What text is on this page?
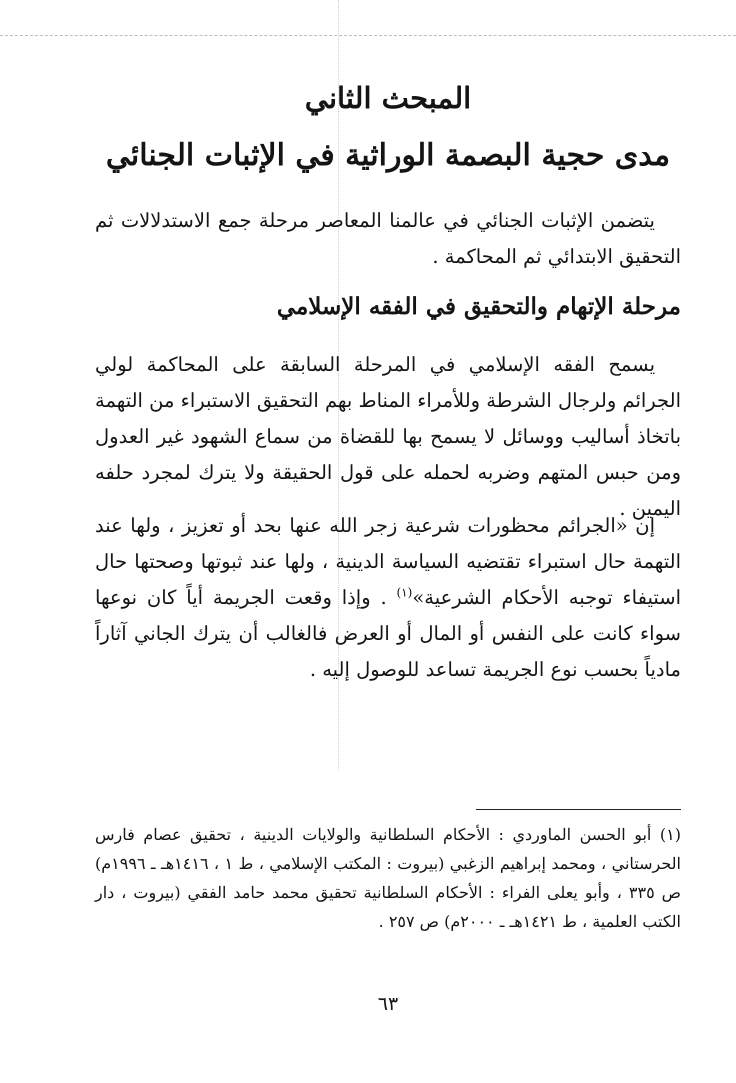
المبحث الثاني
مدى حجية البصمة الوراثية في الإثبات الجنائي

يتضمن الإثبات الجنائي في عالمنا المعاصر مرحلة جمع الاستدلالات ثم التحقيق الابتدائي ثم المحاكمة .

مرحلة الإتهام والتحقيق في الفقه الإسلامي

يسمح الفقه الإسلامي في المرحلة السابقة على المحاكمة لولي الجرائم ولرجال الشرطة وللأمراء المناط بهم التحقيق الاستبراء من التهمة باتخاذ أساليب ووسائل لا يسمح بها للقضاة من سماع الشهود غير العدول ومن حبس المتهم وضربه لحمله على قول الحقيقة ولا يترك لمجرد حلفه اليمين .

إن «الجرائم محظورات شرعية زجر الله عنها بحد أو تعزيز ، ولها عند التهمة حال استبراء تقتضيه السياسة الدينية ، ولها عند ثبوتها وصحتها حال استيفاء توجبه الأحكام الشرعية»$^{(١)}$ . وإذا وقعت الجريمة أياً كان نوعها سواء كانت على النفس أو المال أو العرض فالغالب أن يترك الجاني آثاراً مادياً بحسب نوع الجريمة تساعد للوصول إليه .

(١) أبو الحسن الماوردي : الأحكام السلطانية والولايات الدينية ، تحقيق عصام فارس الحرستاني ، ومحمد إبراهيم الزغبي (بيروت : المكتب الإسلامي ، ط ١ ، ١٤١٦هـ ـ ١٩٩٦م) ص ٣٣٥ ، وأبو يعلى الفراء : الأحكام السلطانية تحقيق محمد حامد الفقي (بيروت ، دار الكتب العلمية ، ط ١٤٢١هـ ـ ٢٠٠٠م) ص ٢٥٧ .

٦٣
